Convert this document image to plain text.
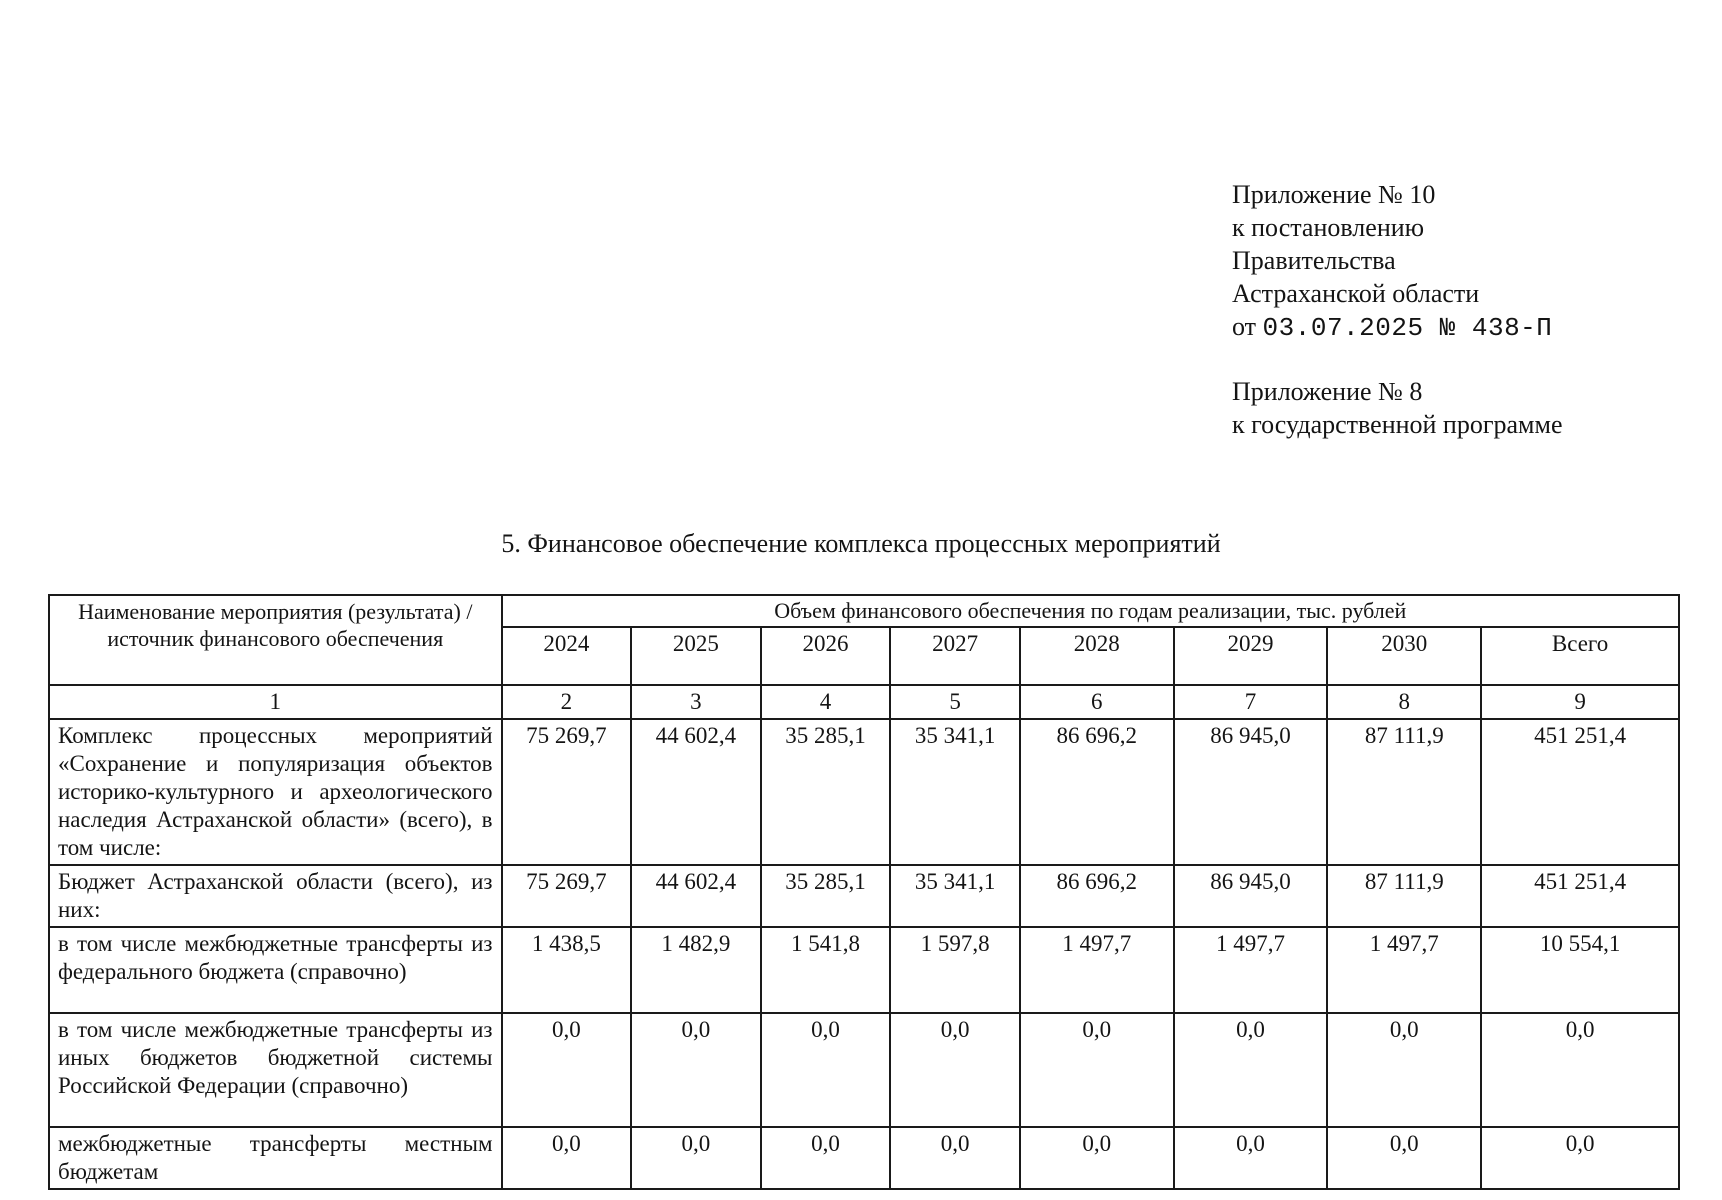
Приложение № 10
к постановлению
Правительства
Астраханской области
от 03.07.2025 № 438-П
Приложение № 8
к государственной программе
5. Финансовое обеспечение комплекса процессных мероприятий
Наименование мероприятия (результата) / источник финансового обеспечения	Объем финансового обеспечения по годам реализации, тыс. рублей							
	2024	2025	2026	2027	2028	2029	2030	Всего
1	2	3	4	5	6	7	8	9
Комплекс процессных мероприятий «Сохранение и популяризация объектов историко-культурного и археологического наследия Астраханской области» (всего), в том числе:	75 269,7	44 602,4	35 285,1	35 341,1	86 696,2	86 945,0	87 111,9	451 251,4
Бюджет Астраханской области (всего), из них:	75 269,7	44 602,4	35 285,1	35 341,1	86 696,2	86 945,0	87 111,9	451 251,4
в том числе межбюджетные трансферты из федерального бюджета (справочно)	1 438,5	1 482,9	1 541,8	1 597,8	1 497,7	1 497,7	1 497,7	10 554,1
в том числе межбюджетные трансферты из иных бюджетов бюджетной системы Российской Федерации (справочно)	0,0	0,0	0,0	0,0	0,0	0,0	0,0	0,0
межбюджетные трансферты местным бюджетам	0,0	0,0	0,0	0,0	0,0	0,0	0,0	0,0
